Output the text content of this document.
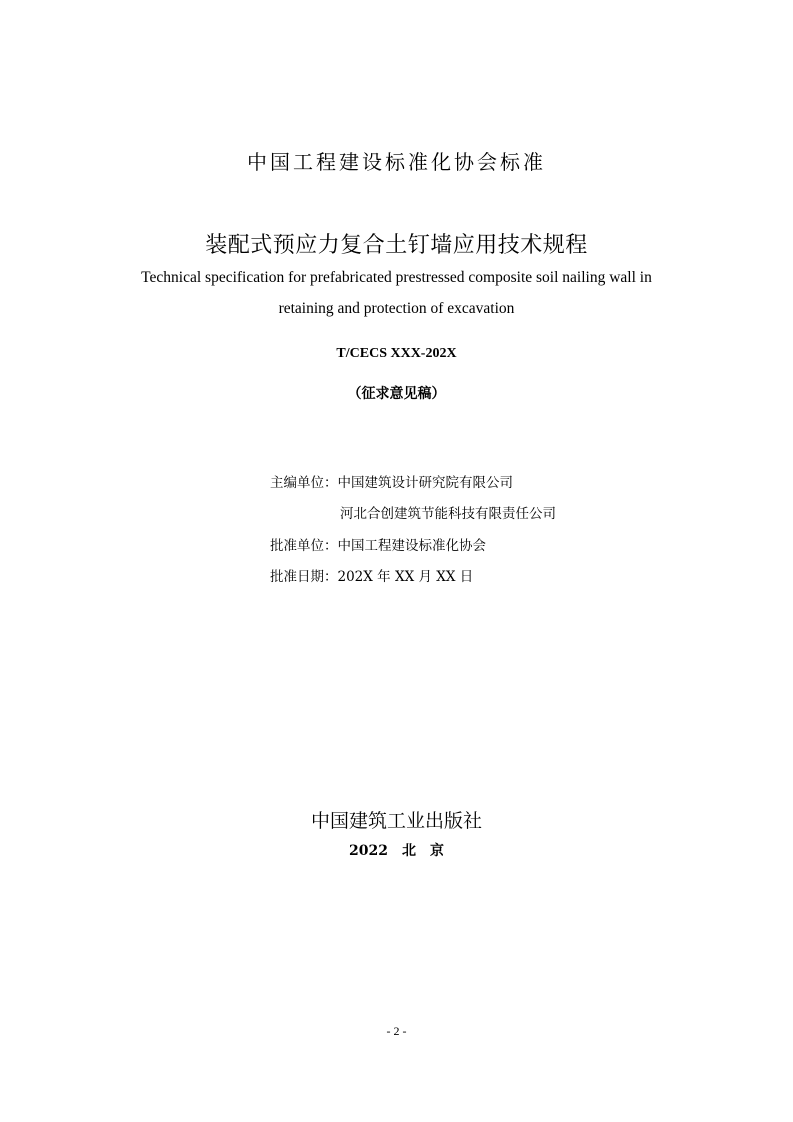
中国工程建设标准化协会标准
装配式预应力复合土钉墙应用技术规程
Technical specification for prefabricated prestressed composite soil nailing wall in
retaining and protection of excavation
T/CECS XXX-202X
（征求意见稿）
主编单位：中国建筑设计研究院有限公司
河北合创建筑节能科技有限责任公司
批准单位：中国工程建设标准化协会
批准日期：202X 年 XX 月 XX 日
中国建筑工业出版社
2022　北　京
- 2 -
